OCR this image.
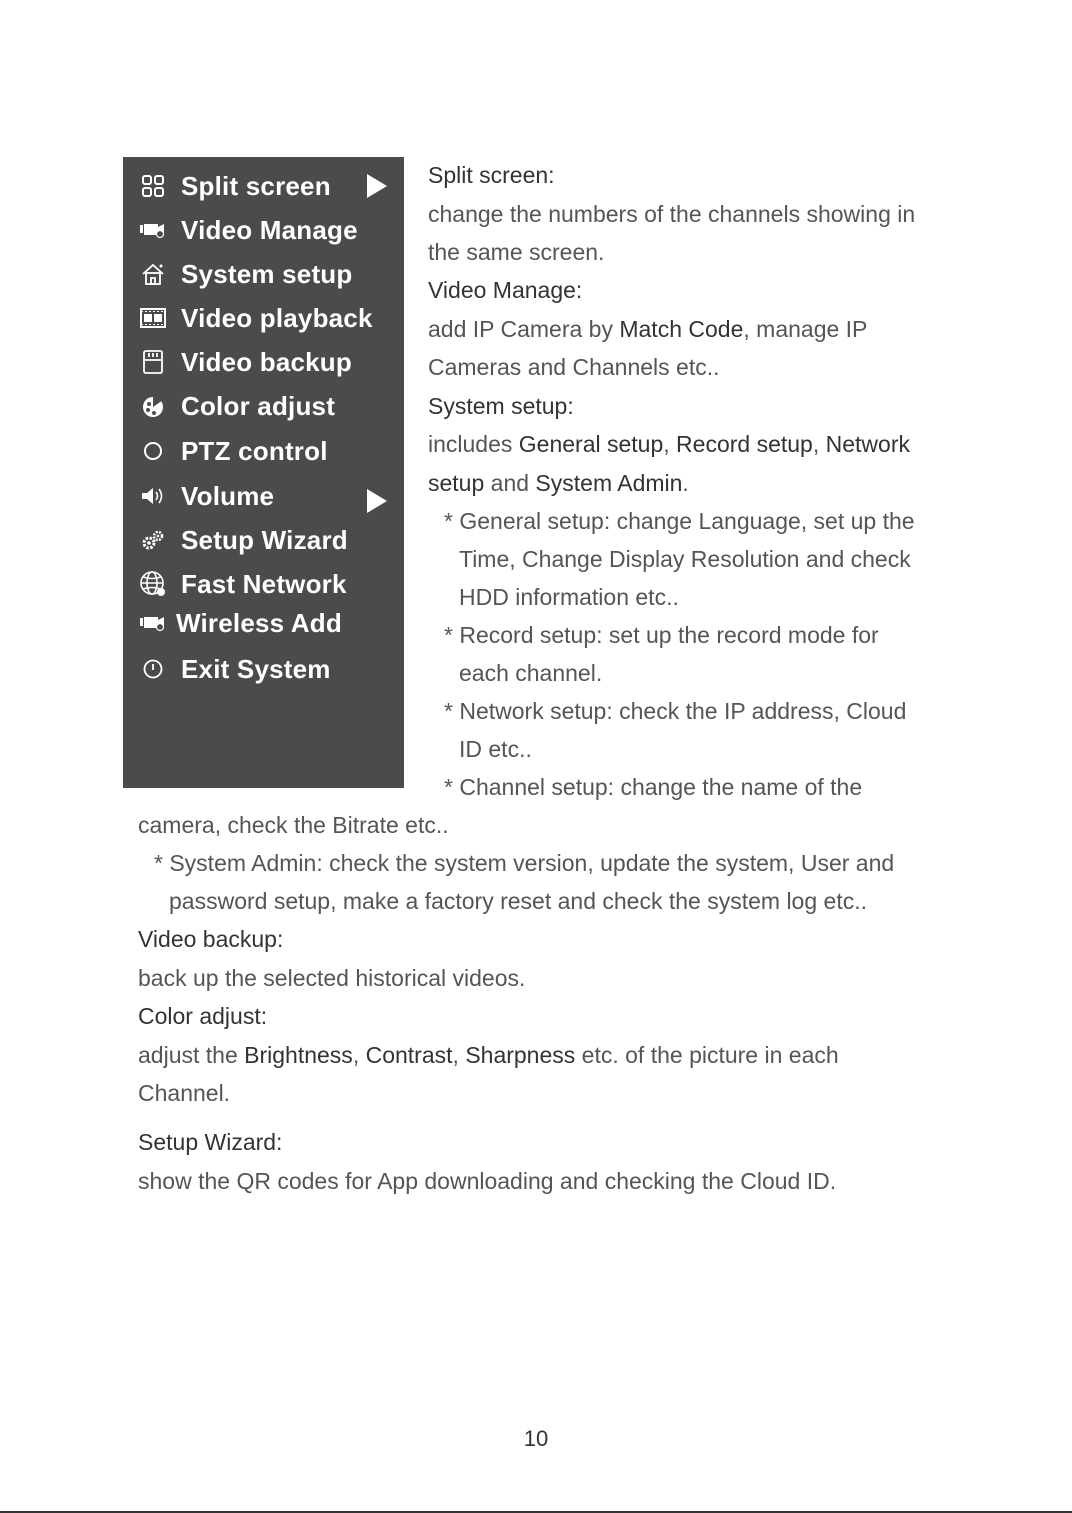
Split screen
Video Manage
System setup
Video playback
Video backup
Color adjust
PTZ control
Volume
Setup Wizard
Fast Network
Wireless Add
Exit System
Split screen:
change the numbers of the channels showing in
the same screen.
Video Manage:
add IP Camera by Match Code, manage IP
Cameras and Channels etc..
System setup:
includes General setup, Record setup, Network
setup and System Admin.
* General setup: change Language, set up the
Time, Change Display Resolution and check
HDD information etc..
* Record setup: set up the record mode for
each channel.
* Network setup: check the IP address, Cloud
ID etc..
* Channel setup: change the name of the
camera, check the Bitrate etc..
* System Admin: check the system version, update the system, User and
password setup, make a factory reset and check the system log etc..
Video backup:
back up the selected historical videos.
Color adjust:
adjust the Brightness, Contrast, Sharpness etc. of the picture in each
Channel.
Setup Wizard:
show the QR codes for App downloading and checking the Cloud ID.
10
